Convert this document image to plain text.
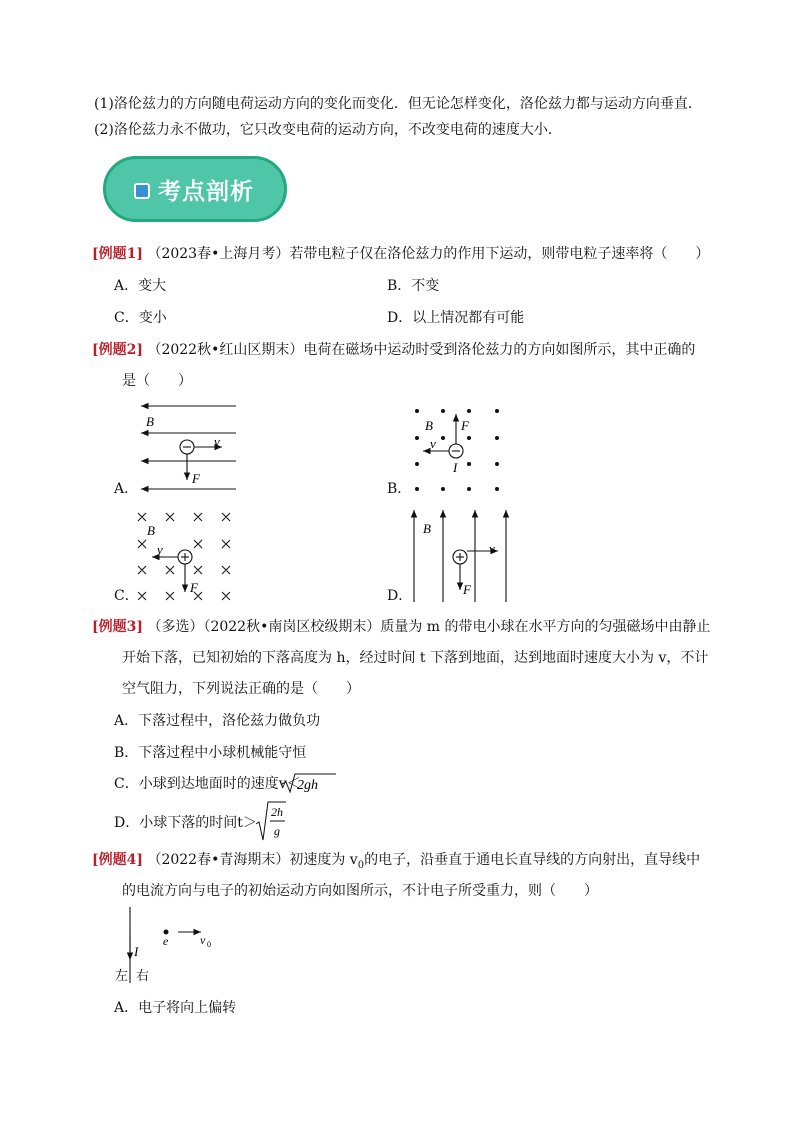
(1)洛伦兹力的方向随电荷运动方向的变化而变化．但无论怎样变化，洛伦兹力都与运动方向垂直．
(2)洛伦兹力永不做功，它只改变电荷的运动方向，不改变电荷的速度大小．
考点剖析
[例题1] （2023春•上海月考）若带电粒子仅在洛伦兹力的作用下运动，则带电粒子速率将（　　）
A．变大	B．不变
C．变小	D．以上情况都有可能
[例题2] （2022秋•红山区期末）电荷在磁场中运动时受到洛伦兹力的方向如图所示，其中正确的
是（　　）
A．	B．
C．	D．
B
v
F
B F
v
I
B
v
F
B
v
F
[例题3] （多选）（2022秋•南岗区校级期末）质量为 m 的带电小球在水平方向的匀强磁场中由静止
开始下落，已知初始的下落高度为 h，经过时间 t 下落到地面，达到地面时速度大小为 v，不计
空气阻力，下列说法正确的是（　　）
A．下落过程中，洛伦兹力做负功
B．下落过程中小球机械能守恒
C．小球到达地面时的速度v＜
2gh
D．小球下落的时间t＞
2h
g
[例题4] （2022春•青海期末）初速度为 $v_0$的电子，沿垂直于通电长直导线的方向射出，直导线中
的电流方向与电子的初始运动方向如图所示，不计电子所受重力，则（　　）
I
e	v 0
左 右
A．电子将向上偏转
